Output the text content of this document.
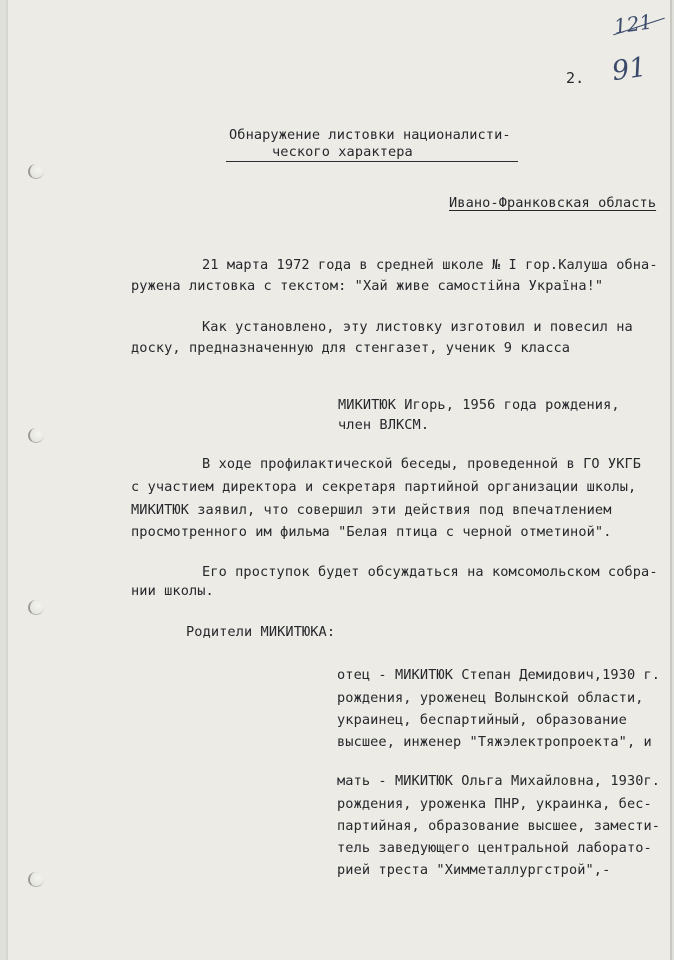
121
91
2.
Обнаружение листовки националисти-
ческого характера
Ивано-Франковская область
21 марта 1972 года в средней школе № I гор.Калуша обна-
ружена листовка с текстом: "Хай живе самостійна Україна!"
Как установлено, эту листовку изготовил и повесил на
доску, предназначенную для стенгазет, ученик 9 класса
МИКИТЮК Игорь, 1956 года рождения,
член ВЛКСМ.
В ходе профилактической беседы, проведенной в ГО УКГБ
с участием директора и секретаря партийной организации школы,
МИКИТЮК заявил, что совершил эти действия под впечатлением
просмотренного им фильма "Белая птица с черной отметиной".
Его проступок будет обсуждаться на комсомольском собра-
нии школы.
Родители МИКИТЮКА:
отец - МИКИТЮК Степан Демидович,1930 г.
рождения, уроженец Волынской области,
украинец, беспартийный, образование
высшее, инженер "Тяжэлектропроекта", и
мать - МИКИТЮК Ольга Михайловна, 1930г.
рождения, уроженка ПНР, украинка, бес-
партийная, образование высшее, замести-
тель заведующего центральной лаборато-
рией треста "Химметаллургстрой",-
